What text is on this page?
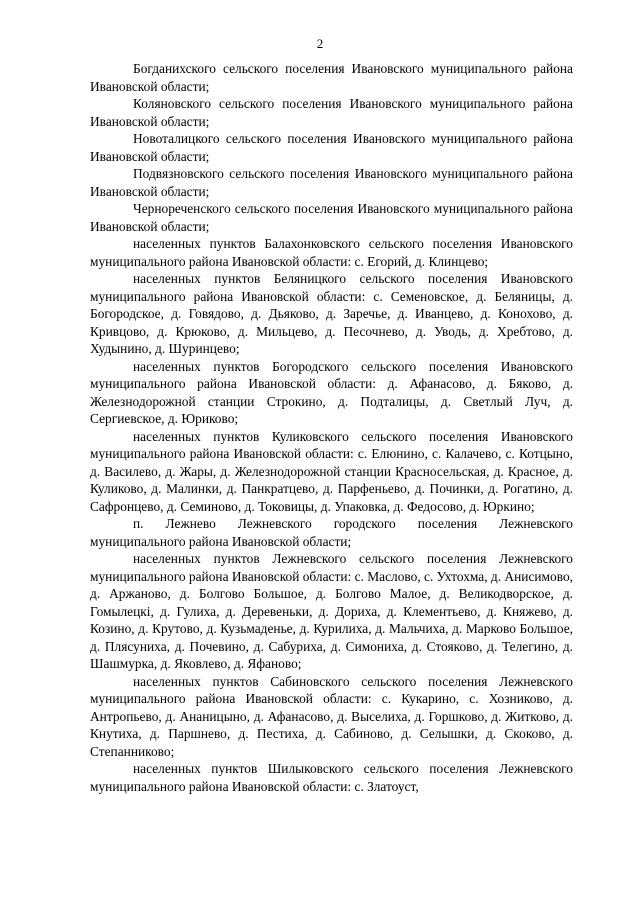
2

Богданихского сельского поселения Ивановского муниципального района Ивановской области;

Коляновского сельского поселения Ивановского муниципального района Ивановской области;

Новоталицкого сельского поселения Ивановского муниципального района Ивановской области;

Подвязновского сельского поселения Ивановского муниципального района Ивановской области;

Чернореченского сельского поселения Ивановского муниципального района Ивановской области;

населенных пунктов Балахонковского сельского поселения Ивановского муниципального района Ивановской области: с. Егорий, д. Клинцево;

населенных пунктов Беляницкого сельского поселения Ивановского муниципального района Ивановской области: с. Семеновское, д. Беляницы, д. Богородское, д. Говядово, д. Дьяково, д. Заречье, д. Иванцево, д. Конохово, д. Кривцово, д. Крюково, д. Мильцево, д. Песочнево, д. Уводь, д. Хребтово, д. Худынино, д. Шуринцево;

населенных пунктов Богородского сельского поселения Ивановского муниципального района Ивановской области: д. Афанасово, д. Бяково, д. Железнодорожной станции Строкино, д. Подталицы, д. Светлый Луч, д. Сергиевское, д. Юриково;

населенных пунктов Куликовского сельского поселения Ивановского муниципального района Ивановской области: с. Елюнино, с. Калачево, с. Котцыно, д. Василево, д. Жары, д. Железнодорожной станции Красносельская, д. Красное, д. Куликово, д. Малинки, д. Панкратцево, д. Парфеньево, д. Починки, д. Рогатино, д. Сафронцево, д. Семиново, д. Токовицы, д. Упаковка, д. Федосово, д. Юркино;

п. Лежнево Лежневского городского поселения Лежневского муниципального района Ивановской области;

населенных пунктов Лежневского сельского поселения Лежневского муниципального района Ивановской области: с. Маслово, с. Ухтохма, д. Анисимово, д. Аржаново, д. Болгово Большое, д. Болгово Малое, д. Великодворское, д. Гомылецкi, д. Гулиха, д. Деревеньки, д. Дориха, д. Клементьево, д. Княжево, д. Козино, д. Крутово, д. Кузьмаденье, д. Курилиха, д. Мальчиха, д. Марково Большое, д. Плясуниха, д. Почевино, д. Сабуриха, д. Симониха, д. Стояково, д. Телегино, д. Шашмурка, д. Яковлево, д. Яфаново;

населенных пунктов Сабиновского сельского поселения Лежневского муниципального района Ивановской области: с. Кукарино, с. Хозниково, д. Антропьево, д. Ананицыно, д. Афанасово, д. Выселиха, д. Горшково, д. Житково, д. Кнутиха, д. Паршнево, д. Пестиха, д. Сабиново, д. Селышки, д. Скоково, д. Степанниково;

населенных пунктов Шилыковского сельского поселения Лежневского муниципального района Ивановской области: с. Златоуст,
